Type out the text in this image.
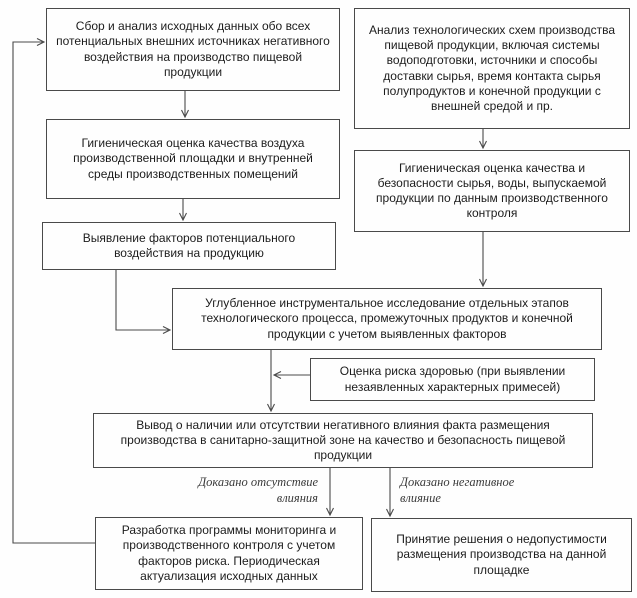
Сбор и анализ исходных данных обо всех потенциальных внешних источниках негативного воздействия на производство пищевой продукции
Анализ технологических схем производства пищевой продукции, включая системы водоподготовки, источники и способы доставки сырья, время контакта сырья полупродуктов и конечной продукции с внешней средой и пр.
Гигиеническая оценка качества воздуха производственной площадки и внутренней среды производственных помещений	Гигиеническая оценка качества и безопасности сырья, воды, выпускаемой продукции по данным производственного контроля
Выявление факторов потенциального воздействия на продукцию
Углубленное инструментальное исследование отдельных этапов технологического процесса, промежуточных продуктов и конечной продукции с учетом выявленных факторов
Оценка риска здоровью (при выявлении незаявленных характерных примесей)
Вывод о наличии или отсутствии негативного влияния факта размещения производства в санитарно-защитной зоне на качество и безопасность пищевой продукции
Разработка программы мониторинга и производственного контроля с учетом факторов риска. Периодическая актуализация исходных данных
Принятие решения о недопустимости размещения производства на данной площадке
Доказано отсутствие
влияния
Доказано негативное
влияние
